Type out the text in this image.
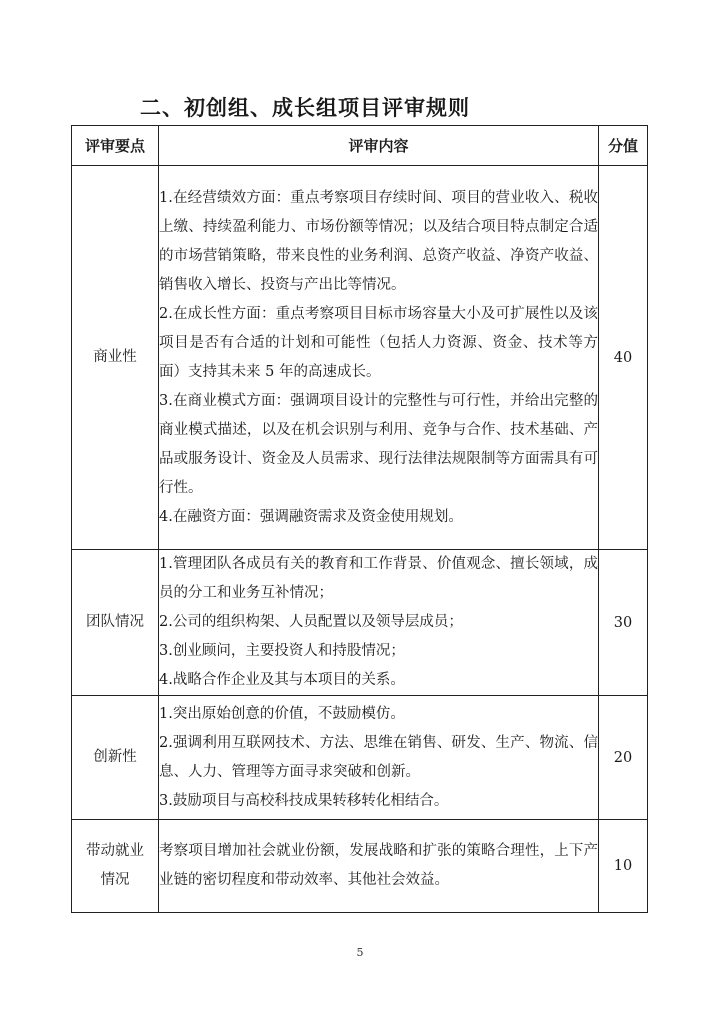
二、初创组、成长组项目评审规则
评审要点	评审内容	分值
商业性	1.在经营绩效方面：重点考察项目存续时间、项目的营业收入、税收上缴、持续盈利能力、市场份额等情况；以及结合项目特点制定合适的市场营销策略，带来良性的业务利润、总资产收益、净资产收益、销售收入增长、投资与产出比等情况。

2.在成长性方面：重点考察项目目标市场容量大小及可扩展性以及该项目是否有合适的计划和可能性（包括人力资源、资金、技术等方面）支持其未来 5 年的高速成长。

3.在商业模式方面：强调项目设计的完整性与可行性，并给出完整的商业模式描述，以及在机会识别与利用、竞争与合作、技术基础、产品或服务设计、资金及人员需求、现行法律法规限制等方面需具有可行性。

4.在融资方面：强调融资需求及资金使用规划。	40
团队情况	1.管理团队各成员有关的教育和工作背景、价值观念、擅长领域，成员的分工和业务互补情况；

2.公司的组织构架、人员配置以及领导层成员；

3.创业顾问，主要投资人和持股情况；

4.战略合作企业及其与本项目的关系。	30
创新性	1.突出原始创意的价值，不鼓励模仿。

2.强调利用互联网技术、方法、思维在销售、研发、生产、物流、信息、人力、管理等方面寻求突破和创新。

3.鼓励项目与高校科技成果转移转化相结合。	20
带动就业情况	考察项目增加社会就业份额，发展战略和扩张的策略合理性，上下产业链的密切程度和带动效率、其他社会效益。	10
5
